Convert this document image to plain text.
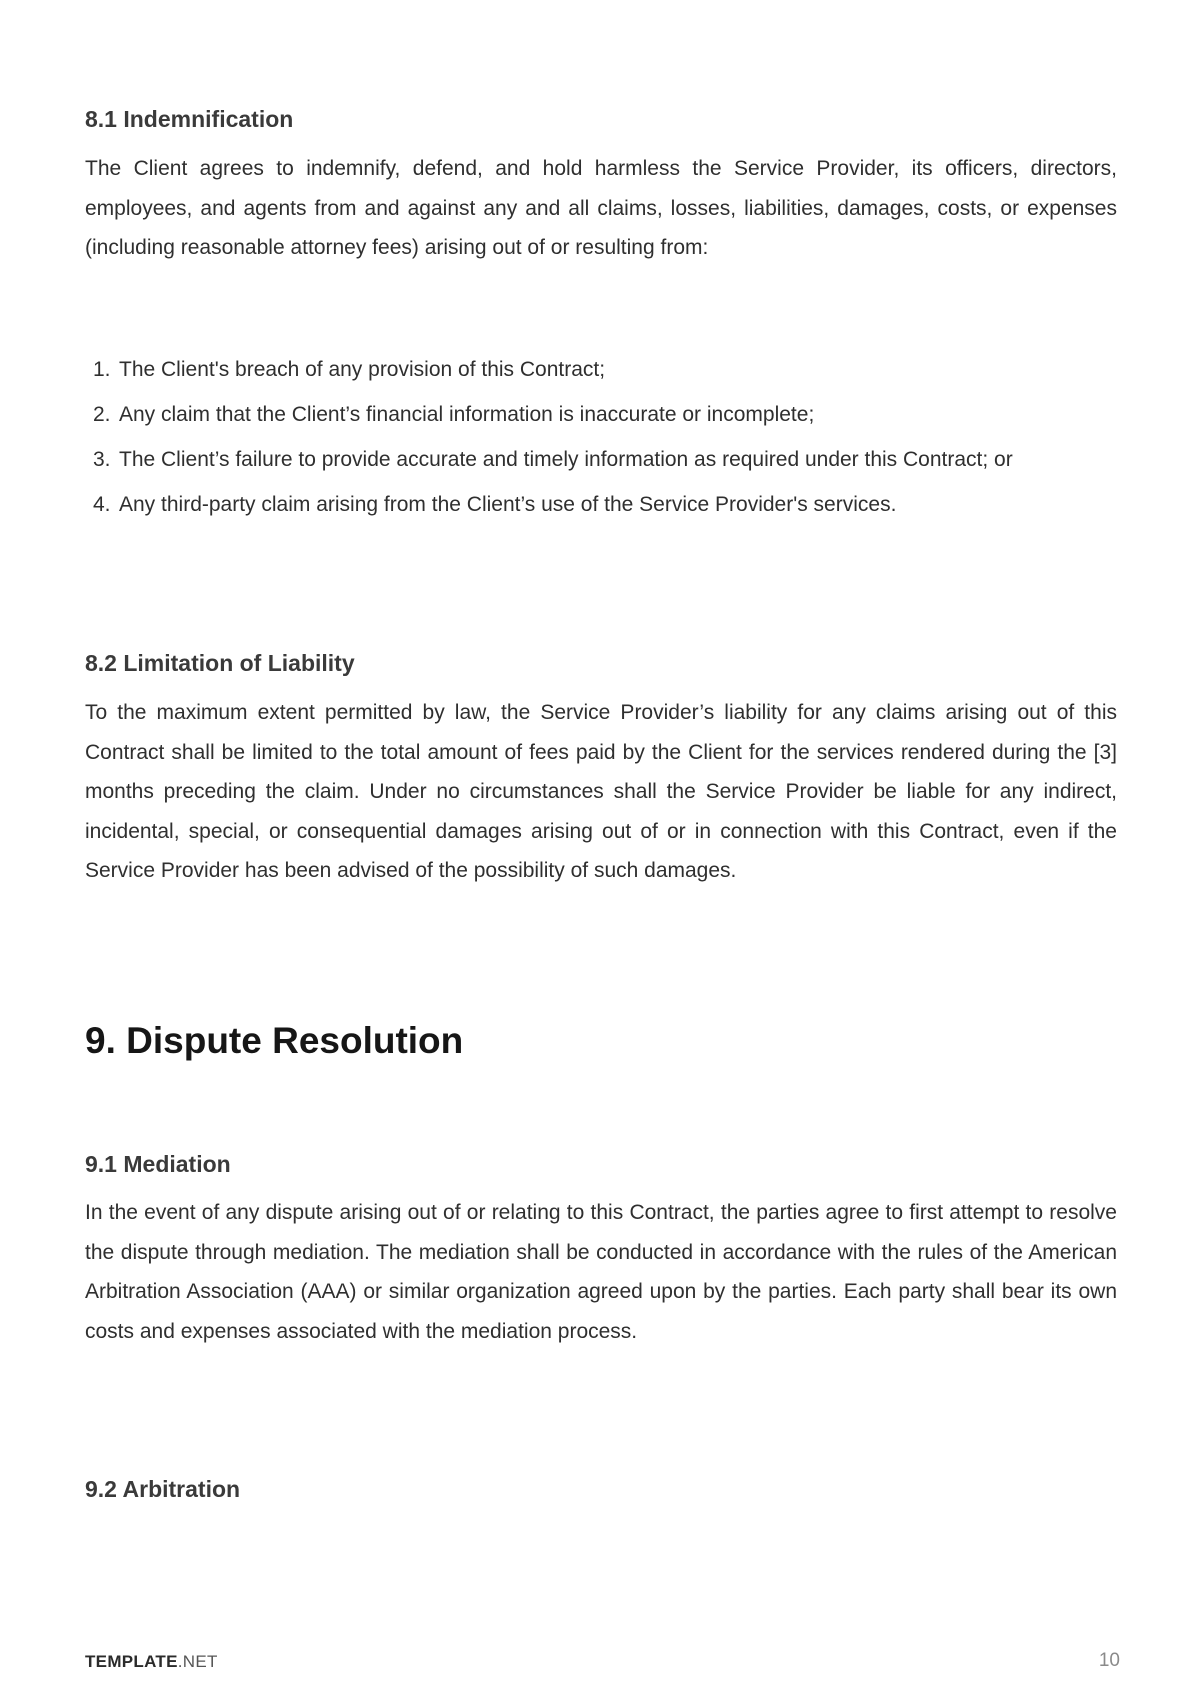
8.1 Indemnification

The Client agrees to indemnify, defend, and hold harmless the Service Provider, its officers, directors, employees, and agents from and against any and all claims, losses, liabilities, damages, costs, or expenses (including reasonable attorney fees) arising out of or resulting from:

1. The Client's breach of any provision of this Contract;
2. Any claim that the Client’s financial information is inaccurate or incomplete;
3. The Client’s failure to provide accurate and timely information as required under this Contract; or
4. Any third-party claim arising from the Client’s use of the Service Provider's services.
8.2 Limitation of Liability

To the maximum extent permitted by law, the Service Provider’s liability for any claims arising out of this Contract shall be limited to the total amount of fees paid by the Client for the services rendered during the [3] months preceding the claim. Under no circumstances shall the Service Provider be liable for any indirect, incidental, special, or consequential damages arising out of or in connection with this Contract, even if the Service Provider has been advised of the possibility of such damages.

9. Dispute Resolution
9.1 Mediation

In the event of any dispute arising out of or relating to this Contract, the parties agree to first attempt to resolve the dispute through mediation. The mediation shall be conducted in accordance with the rules of the American Arbitration Association (AAA) or similar organization agreed upon by the parties. Each party shall bear its own costs and expenses associated with the mediation process.

9.2 Arbitration
TEMPLATE.NET	10
